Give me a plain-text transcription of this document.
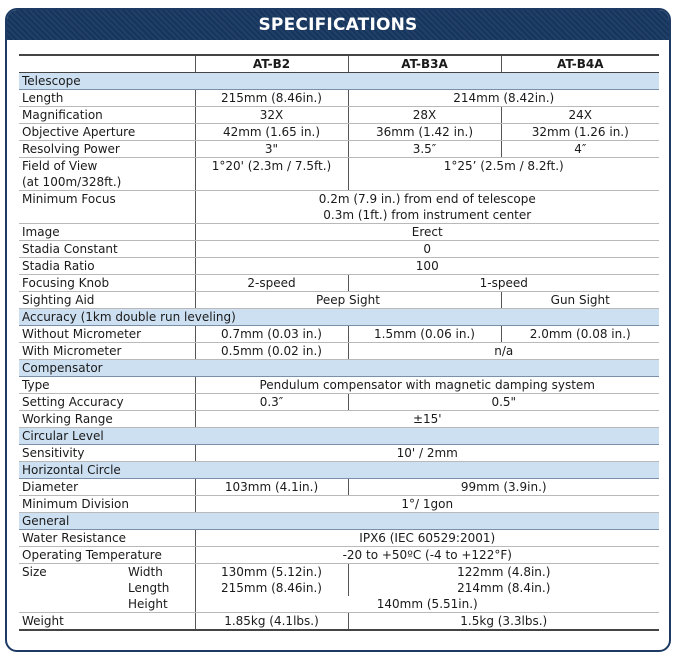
SPECIFICATIONS
	AT-B2	AT-B3A	AT-B4A
Telescope			
Length	215mm (8.46in.)	214mm (8.42in.)	
Magnification	32X	28X	24X
Objective Aperture	42mm (1.65 in.)	36mm (1.42 in.)	32mm (1.26 in.)
Resolving Power	3"	3.5″	4″
Field of View	1°20' (2.3m / 7.5ft.)	1°25’ (2.5m / 8.2ft.)	
(at 100m/328ft.)			
Minimum Focus	0.2m (7.9 in.) from end of telescope		
	0.3m (1ft.) from instrument center		
Image	Erect		
Stadia Constant	0		
Stadia Ratio	100		
Focusing Knob	2-speed	1-speed	
Sighting Aid	Peep Sight		Gun Sight
Accuracy (1km double run leveling)			
Without Micrometer	0.7mm (0.03 in.)	1.5mm (0.06 in.)	2.0mm (0.08 in.)
With Micrometer	0.5mm (0.02 in.)	n/a	
Compensator			
Type	Pendulum compensator with magnetic damping system		
Setting Accuracy	0.3″	0.5"	
Working Range	±15'		
Circular Level			
Sensitivity	10' / 2mm		
Horizontal Circle			
Diameter	103mm (4.1in.)	99mm (3.9in.)	
Minimum Division	1°/ 1gon		
General			
Water Resistance	IPX6 (IEC 60529:2001)		
Operating Temperature	-20 to +50ºC (-4 to +122°F)		
Size Width	130mm (5.12in.)	122mm (4.8in.)	
Length	215mm (8.46in.)	214mm (8.4in.)	
Height	140mm (5.51in.)		
Weight	1.85kg (4.1lbs.)	1.5kg (3.3lbs.)	
